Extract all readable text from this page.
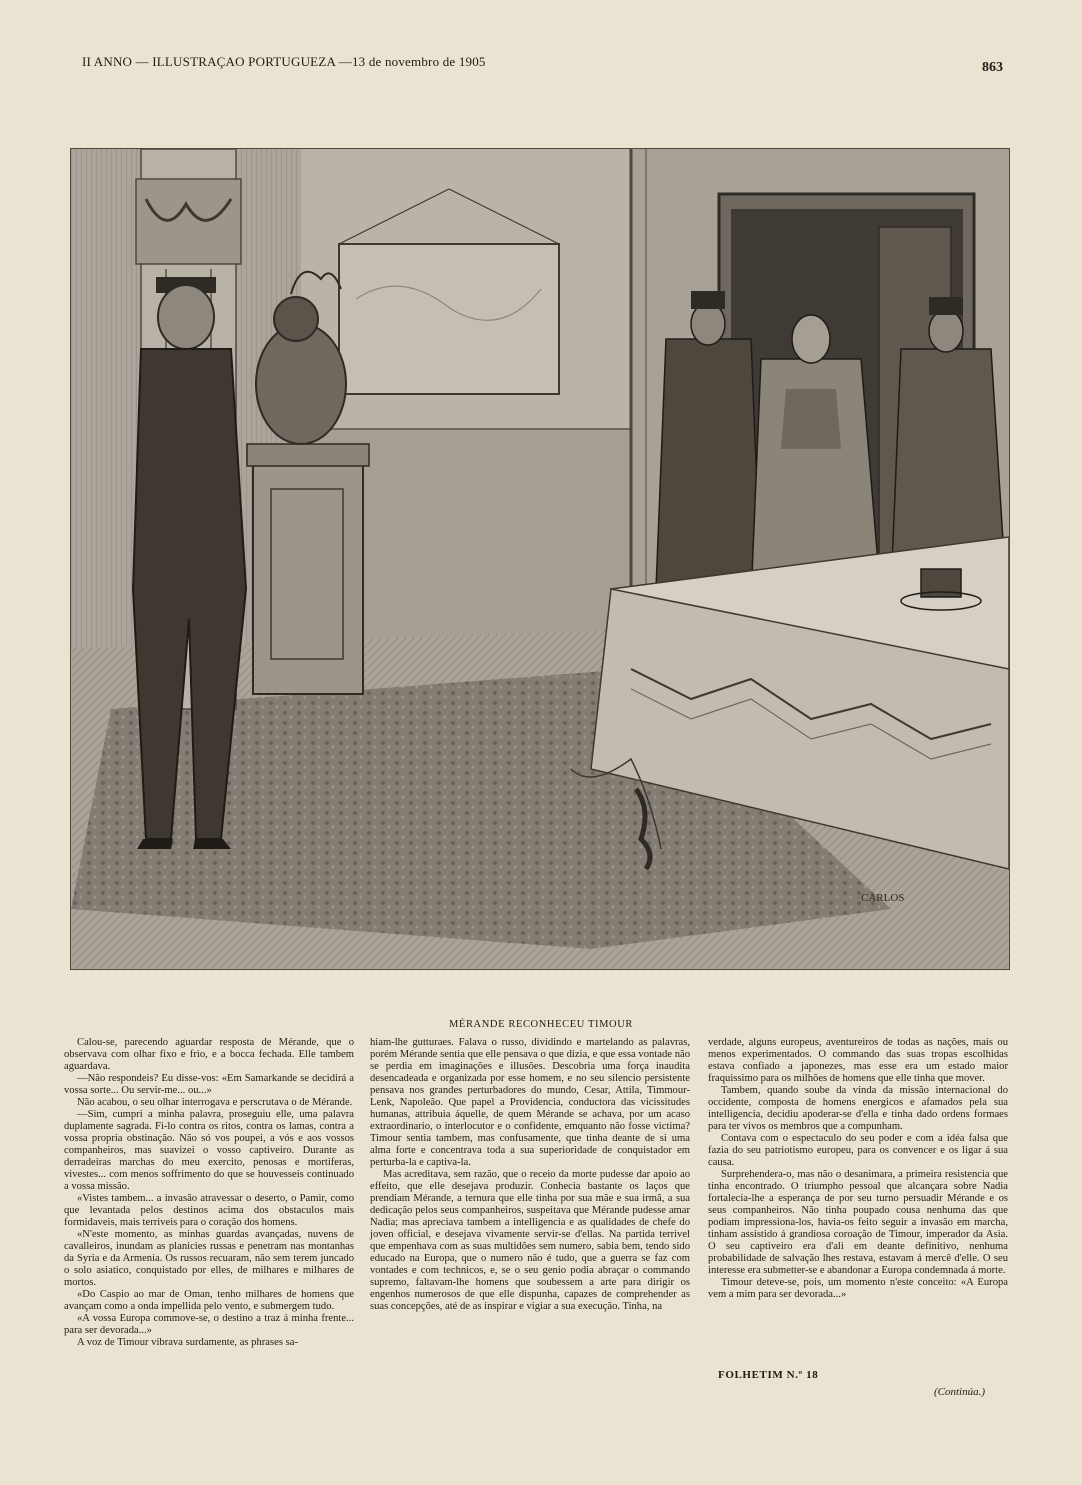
II ANNO — ILLUSTRAÇAO PORTUGUEZA —13 de novembro de 1905	863
CARLOS
MÉRANDE RECONHECEU TIMOUR

Calou-se, parecendo aguardar resposta de Mérande, que o observava com olhar fixo e frio, e a bocca fechada. Elle tambem aguardava.

—Não respondeis? Eu disse-vos: «Em Samarkande se decidirá a vossa sorte... Ou servir-me... ou...»

Não acabou, o seu olhar interrogava e perscrutava o de Mérande.

—Sim, cumpri a minha palavra, proseguiu elle, uma palavra duplamente sagrada. Fi-lo contra os ritos, contra os lamas, contra a vossa propria obstinação. Não só vos poupei, a vós e aos vossos companheiros, mas suavizei o vosso captiveiro. Durante as derradeiras marchas do meu exercito, penosas e mortiferas, vivestes... com menos soffrimento do que se houvesseis continuado a vossa missão.

«Vistes tambem... a invasão atravessar o deserto, o Pamir, como que levantada pelos destinos acima dos obstaculos mais formidaveis, mais terriveis para o coração dos homens.

«N'este momento, as minhas guardas avançadas, nuvens de cavalleiros, inundam as planicies russas e penetram nas montanhas da Syria e da Armenia. Os russos recuaram, não sem terem juncado o solo asiatico, conquistado por elles, de milhares e milhares de mortos.

«Do Caspio ao mar de Oman, tenho milhares de homens que avançam como a onda impellida pelo vento, e submergem tudo.

«A vossa Europa commove-se, o destino a traz á minha frente... para ser devorada...»

A voz de Timour vibrava surdamente, as phrases sa-

hiam-lhe gutturaes. Falava o russo, dividindo e martelando as palavras, porém Mérande sentia que elle pensava o que dizia, e que essa vontade não se perdia em imaginações e illusões. Descobria uma força inaudita desencadeada e organizada por esse homem, e no seu silencio persistente pensava nos grandes perturbadores do mundo, Cesar, Attila, Timmour-Lenk, Napoleão. Que papel a Providencia, conductora das vicissitudes humanas, attribuia áquelle, de quem Mérande se achava, por um acaso extraordinario, o interlocutor e o confidente, emquanto não fosse victima? Timour sentia tambem, mas confusamente, que tinha deante de si uma alma forte e concentrava toda a sua superioridade de conquistador em perturba-la e captiva-la.

Mas acreditava, sem razão, que o receio da morte pudesse dar apoio ao effeito, que elle desejava produzir. Conhecia bastante os laços que prendiam Mérande, a ternura que elle tinha por sua mãe e sua irmã, a sua dedicação pelos seus companheiros, suspeitava que Mérande pudesse amar Nadia; mas apreciava tambem a intelligencia e as qualidades de chefe do joven official, e desejava vivamente servir-se d'ellas. Na partida terrivel que empenhava com as suas multidões sem numero, sabia bem, tendo sido educado na Europa, que o numero não é tudo, que a guerra se faz com vontades e com technicos, e, se o seu genio podia abraçar o commando supremo, faltavam-lhe homens que soubessem a arte para dirigir os engenhos numerosos de que elle dispunha, capazes de comprehender as suas concepções, até de as inspirar e vigiar a sua execução. Tinha, na

verdade, alguns europeus, aventureiros de todas as nações, mais ou menos experimentados. O commando das suas tropas escolhidas estava confiado a japonezes, mas esse era um estado maior fraquissimo para os milhões de homens que elle tinha que mover.

Tambem, quando soube da vinda da missão internacional do occidente, composta de homens energicos e afamados pela sua intelligencia, decidiu apoderar-se d'ella e tinha dado ordens formaes para ter vivos os membros que a compunham.

Contava com o espectaculo do seu poder e com a idéa falsa que fazia do seu patriotismo europeu, para os convencer e os ligar á sua causa.

Surprehendera-o, mas não o desanimara, a primeira resistencia que tinha encontrado. O triumpho pessoal que alcançara sobre Nadia fortalecia-lhe a esperança de por seu turno persuadir Mérande e os seus companheiros. Não tinha poupado cousa nenhuma das que podiam impressiona-los, havia-os feito seguir a invasão em marcha, tinham assistido á grandiosa coroação de Timour, imperador da Asia. O seu captiveiro era d'ali em deante definitivo, nenhuma probabilidade de salvação lhes restava, estavam á mercê d'elle. O seu interesse era submetter-se e abandonar a Europa condemnada á morte.

Timour deteve-se, pois, um momento n'este conceito: «A Europa vem a mim para ser devorada...»

FOLHETIM N.º 18
(Continúa.)
